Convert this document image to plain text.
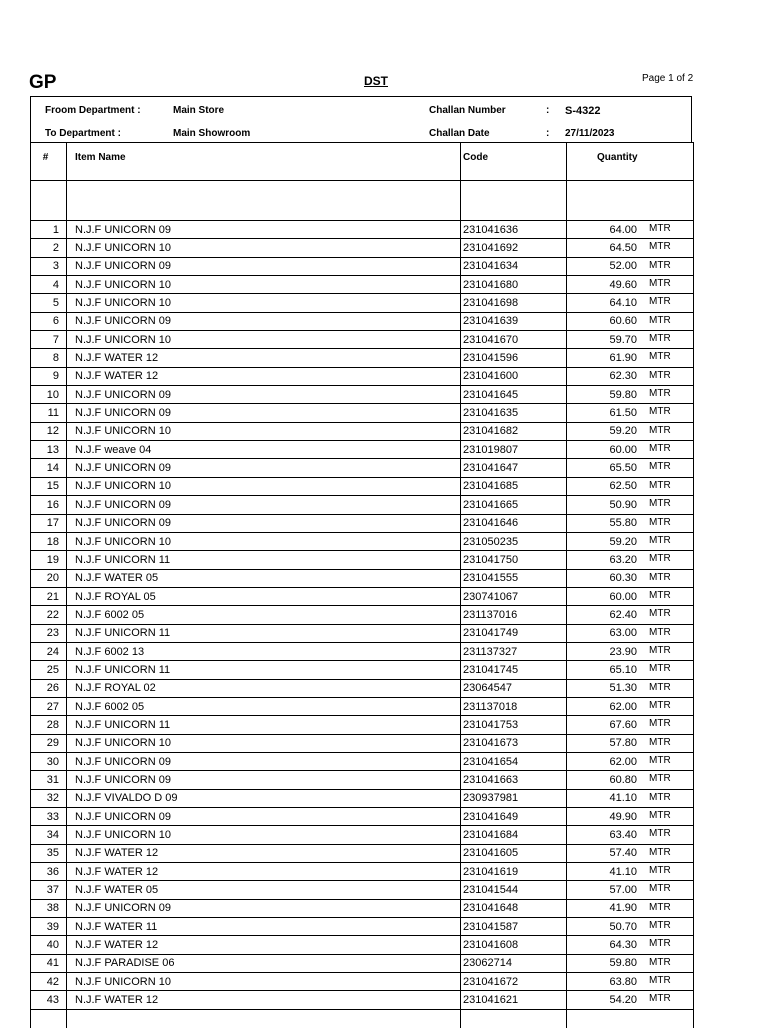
GP	DST	Page 1 of 2
Froom Department :	Main Store	Challan Number	: S-4322
To Department :	Main Showroom	Challan Date	: 27/11/2023
#	Item Name	Code	Quantity

1	N.J.F UNICORN 09	231041636	64.00 MTR

2	N.J.F UNICORN 10	231041692	64.50 MTR

3	N.J.F UNICORN 09	231041634	52.00 MTR

4	N.J.F UNICORN 10	231041680	49.60 MTR

5	N.J.F UNICORN 10	231041698	64.10 MTR

6	N.J.F UNICORN 09	231041639	60.60 MTR

7	N.J.F UNICORN 10	231041670	59.70 MTR

8	N.J.F WATER 12	231041596	61.90 MTR

9	N.J.F WATER 12	231041600	62.30 MTR

10	N.J.F UNICORN 09	231041645	59.80 MTR

11	N.J.F UNICORN 09	231041635	61.50 MTR

12	N.J.F UNICORN 10	231041682	59.20 MTR

13	N.J.F weave 04	231019807	60.00 MTR

14	N.J.F UNICORN 09	231041647	65.50 MTR

15	N.J.F UNICORN 10	231041685	62.50 MTR

16	N.J.F UNICORN 09	231041665	50.90 MTR

17	N.J.F UNICORN 09	231041646	55.80 MTR

18	N.J.F UNICORN 10	231050235	59.20 MTR

19	N.J.F UNICORN 11	231041750	63.20 MTR

20	N.J.F WATER 05	231041555	60.30 MTR

21	N.J.F ROYAL 05	230741067	60.00 MTR

22	N.J.F 6002 05	231137016	62.40 MTR

23	N.J.F UNICORN 11	231041749	63.00 MTR

24	N.J.F 6002 13	231137327	23.90 MTR

25	N.J.F UNICORN 11	231041745	65.10 MTR

26	N.J.F ROYAL 02	23064547	51.30 MTR

27	N.J.F 6002 05	231137018	62.00 MTR

28	N.J.F UNICORN 11	231041753	67.60 MTR

29	N.J.F UNICORN 10	231041673	57.80 MTR

30	N.J.F UNICORN 09	231041654	62.00 MTR

31	N.J.F UNICORN 09	231041663	60.80 MTR

32	N.J.F VIVALDO D 09	230937981	41.10 MTR

33	N.J.F UNICORN 09	231041649	49.90 MTR

34	N.J.F UNICORN 10	231041684	63.40 MTR

35	N.J.F WATER 12	231041605	57.40 MTR

36	N.J.F WATER 12	231041619	41.10 MTR

37	N.J.F WATER 05	231041544	57.00 MTR

38	N.J.F UNICORN 09	231041648	41.90 MTR

39	N.J.F WATER 11	231041587	50.70 MTR

40	N.J.F WATER 12	231041608	64.30 MTR

41	N.J.F PARADISE 06	23062714	59.80 MTR

42	N.J.F UNICORN 10	231041672	63.80 MTR

43	N.J.F WATER 12	231041621	54.20 MTR
